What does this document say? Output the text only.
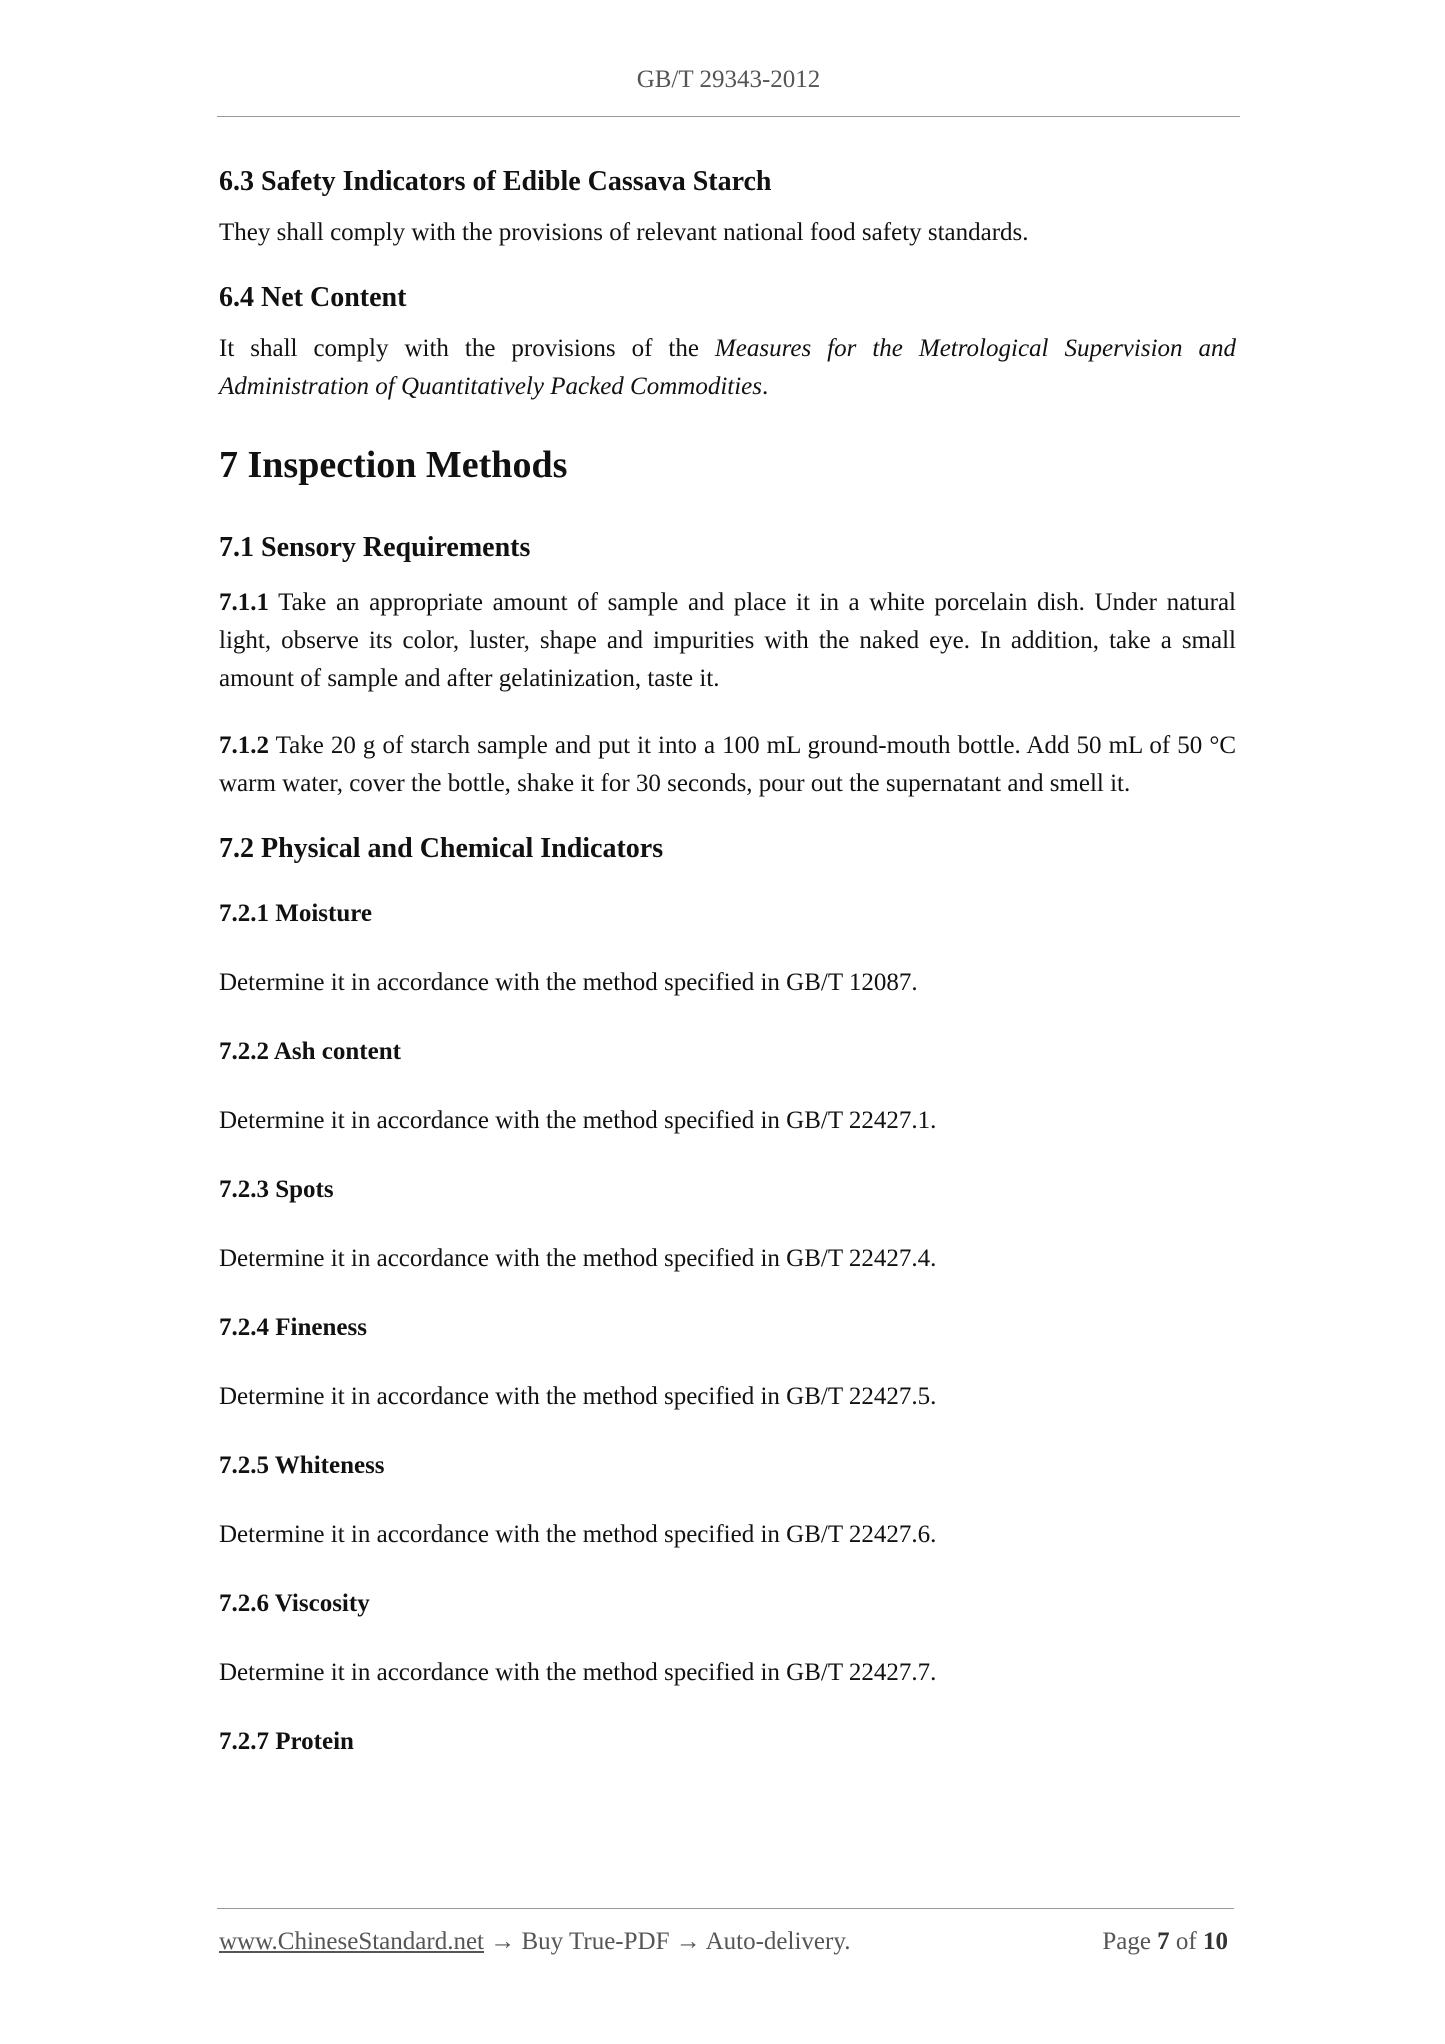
GB/T 29343-2012
6.3 Safety Indicators of Edible Cassava Starch

They shall comply with the provisions of relevant national food safety standards.

6.4 Net Content

It shall comply with the provisions of the Measures for the Metrological Supervision and Administration of Quantitatively Packed Commodities.

7 Inspection Methods
7.1 Sensory Requirements

7.1.1 Take an appropriate amount of sample and place it in a white porcelain dish. Under natural light, observe its color, luster, shape and impurities with the naked eye. In addition, take a small amount of sample and after gelatinization, taste it.

7.1.2 Take 20 g of starch sample and put it into a 100 mL ground-mouth bottle. Add 50 mL of 50 °C warm water, cover the bottle, shake it for 30 seconds, pour out the supernatant and smell it.

7.2 Physical and Chemical Indicators
7.2.1 Moisture

Determine it in accordance with the method specified in GB/T 12087.

7.2.2 Ash content

Determine it in accordance with the method specified in GB/T 22427.1.

7.2.3 Spots

Determine it in accordance with the method specified in GB/T 22427.4.

7.2.4 Fineness

Determine it in accordance with the method specified in GB/T 22427.5.

7.2.5 Whiteness

Determine it in accordance with the method specified in GB/T 22427.6.

7.2.6 Viscosity

Determine it in accordance with the method specified in GB/T 22427.7.

7.2.7 Protein
www.ChineseStandard.net → Buy True-PDF → Auto-delivery.	Page 7 of 10
